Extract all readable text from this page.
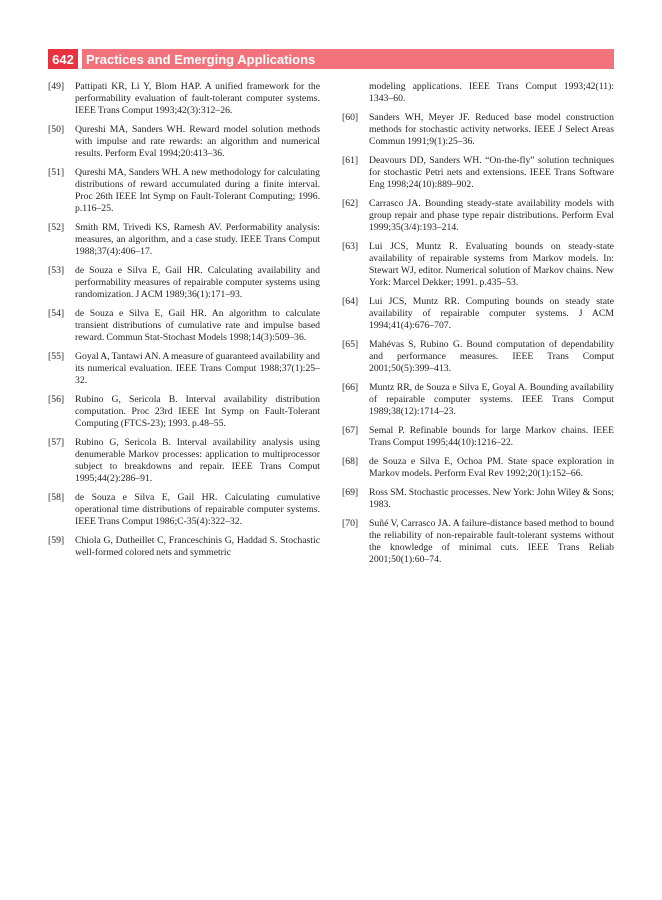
642 Practices and Emerging Applications
[49] Pattipati KR, Li Y, Blom HAP. A unified framework for the performability evaluation of fault-tolerant computer systems. IEEE Trans Comput 1993;42(3):312–26.
[50] Qureshi MA, Sanders WH. Reward model solution methods with impulse and rate rewards: an algorithm and numerical results. Perform Eval 1994;20:413–36.
[51] Qureshi MA, Sanders WH. A new methodology for calculating distributions of reward accumulated during a finite interval. Proc 26th IEEE Int Symp on Fault-Tolerant Computing; 1996. p.116–25.
[52] Smith RM, Trivedi KS, Ramesh AV. Performability analysis: measures, an algorithm, and a case study. IEEE Trans Comput 1988;37(4):406–17.
[53] de Souza e Silva E, Gail HR. Calculating availability and performability measures of repairable computer systems using randomization. J ACM 1989;36(1):171–93.
[54] de Souza e Silva E, Gail HR. An algorithm to calculate transient distributions of cumulative rate and impulse based reward. Commun Stat-Stochast Models 1998;14(3):509–36.
[55] Goyal A, Tantawi AN. A measure of guaranteed availability and its numerical evaluation. IEEE Trans Comput 1988;37(1):25–32.
[56] Rubino G, Sericola B. Interval availability distribution computation. Proc 23rd IEEE Int Symp on Fault-Tolerant Computing (FTCS-23); 1993. p.48–55.
[57] Rubino G, Sericola B. Interval availability analysis using denumerable Markov processes: application to multiprocessor subject to breakdowns and repair. IEEE Trans Comput 1995;44(2):286–91.
[58] de Souza e Silva E, Gail HR. Calculating cumulative operational time distributions of repairable computer systems. IEEE Trans Comput 1986;C-35(4):322–32.
[59] Chiola G, Dutheillet C, Franceschinis G, Haddad S. Stochastic well-formed colored nets and symmetric
modeling applications. IEEE Trans Comput 1993;42(11): 1343–60.
[60] Sanders WH, Meyer JF. Reduced base model construction methods for stochastic activity networks. IEEE J Select Areas Commun 1991;9(1):25–36.
[61] Deavours DD, Sanders WH. “On-the-fly” solution techniques for stochastic Petri nets and extensions. IEEE Trans Software Eng 1998;24(10):889–902.
[62] Carrasco JA. Bounding steady-state availability models with group repair and phase type repair distributions. Perform Eval 1999;35(3/4):193–214.
[63] Lui JCS, Muntz R. Evaluating bounds on steady-state availability of repairable systems from Markov models. In: Stewart WJ, editor. Numerical solution of Markov chains. New York: Marcel Dekker; 1991. p.435–53.
[64] Lui JCS, Muntz RR. Computing bounds on steady state availability of repairable computer systems. J ACM 1994;41(4):676–707.
[65] Mahévas S, Rubino G. Bound computation of dependability and performance measures. IEEE Trans Comput 2001;50(5):399–413.
[66] Muntz RR, de Souza e Silva E, Goyal A. Bounding availability of repairable computer systems. IEEE Trans Comput 1989;38(12):1714–23.
[67] Semal P. Refinable bounds for large Markov chains. IEEE Trans Comput 1995;44(10):1216–22.
[68] de Souza e Silva E, Ochoa PM. State space exploration in Markov models. Perform Eval Rev 1992;20(1):152–66.
[69] Ross SM. Stochastic processes. New York: John Wiley & Sons; 1983.
[70] Suñé V, Carrasco JA. A failure-distance based method to bound the reliability of non-repairable fault-tolerant systems without the knowledge of minimal cuts. IEEE Trans Reliab 2001;50(1):60–74.
